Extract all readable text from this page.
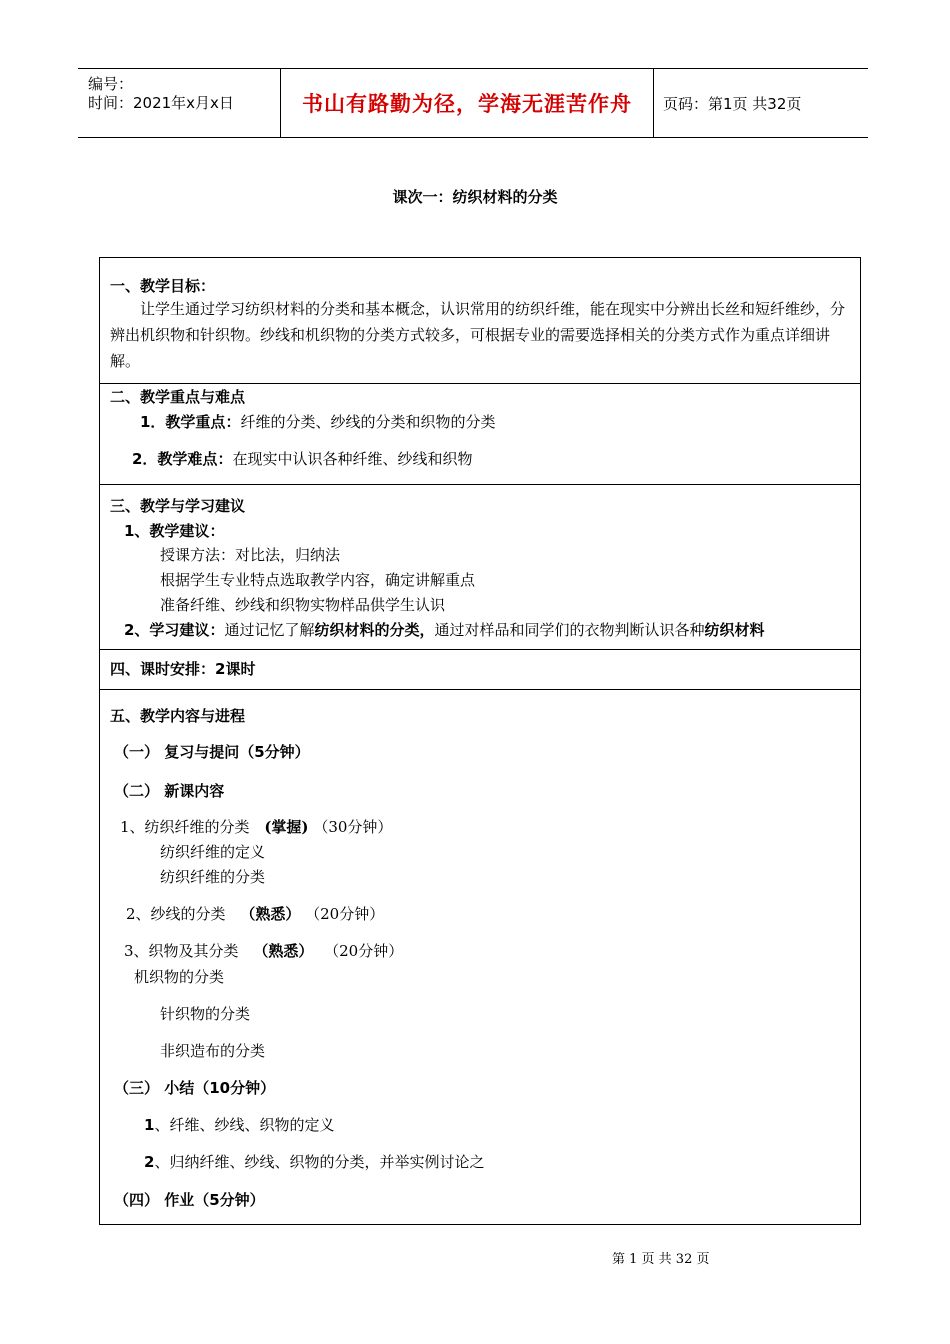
编号：
时间：2021年x月x日	书山有路勤为径，学海无涯苦作舟 页码：第1页 共32页
课次一：纺织材料的分类
一、教学目标：
让学生通过学习纺织材料的分类和基本概念，认识常用的纺织纤维，能在现实中分辨出长丝和短纤维纱，分辨出机织物和针织物。纱线和机织物的分类方式较多，可根据专业的需要选择相关的分类方式作为重点详细讲解。
二、教学重点与难点
1．教学重点：纤维的分类、纱线的分类和织物的分类
2．教学难点：在现实中认识各种纤维、纱线和织物
三、教学与学习建议
1、教学建议：
授课方法：对比法，归纳法
根据学生专业特点选取教学内容，确定讲解重点
准备纤维、纱线和织物实物样品供学生认识
2、学习建议：通过记忆了解纺织材料的分类，通过对样品和同学们的衣物判断认识各种纺织材料
四、课时安排：2课时
五、教学内容与进程
（一） 复习与提问（5分钟）
（二） 新课内容
1、纺织纤维的分类 (掌握) （30分钟）
纺织纤维的定义
纺织纤维的分类
2、纱线的分类 （熟悉） （20分钟）
3、织物及其分类 （熟悉） （20分钟）
机织物的分类
针织物的分类
非织造布的分类
（三） 小结（10分钟）
1、纤维、纱线、织物的定义
2、归纳纤维、纱线、织物的分类，并举实例讨论之
（四） 作业（5分钟）
第 1 页 共 32 页
